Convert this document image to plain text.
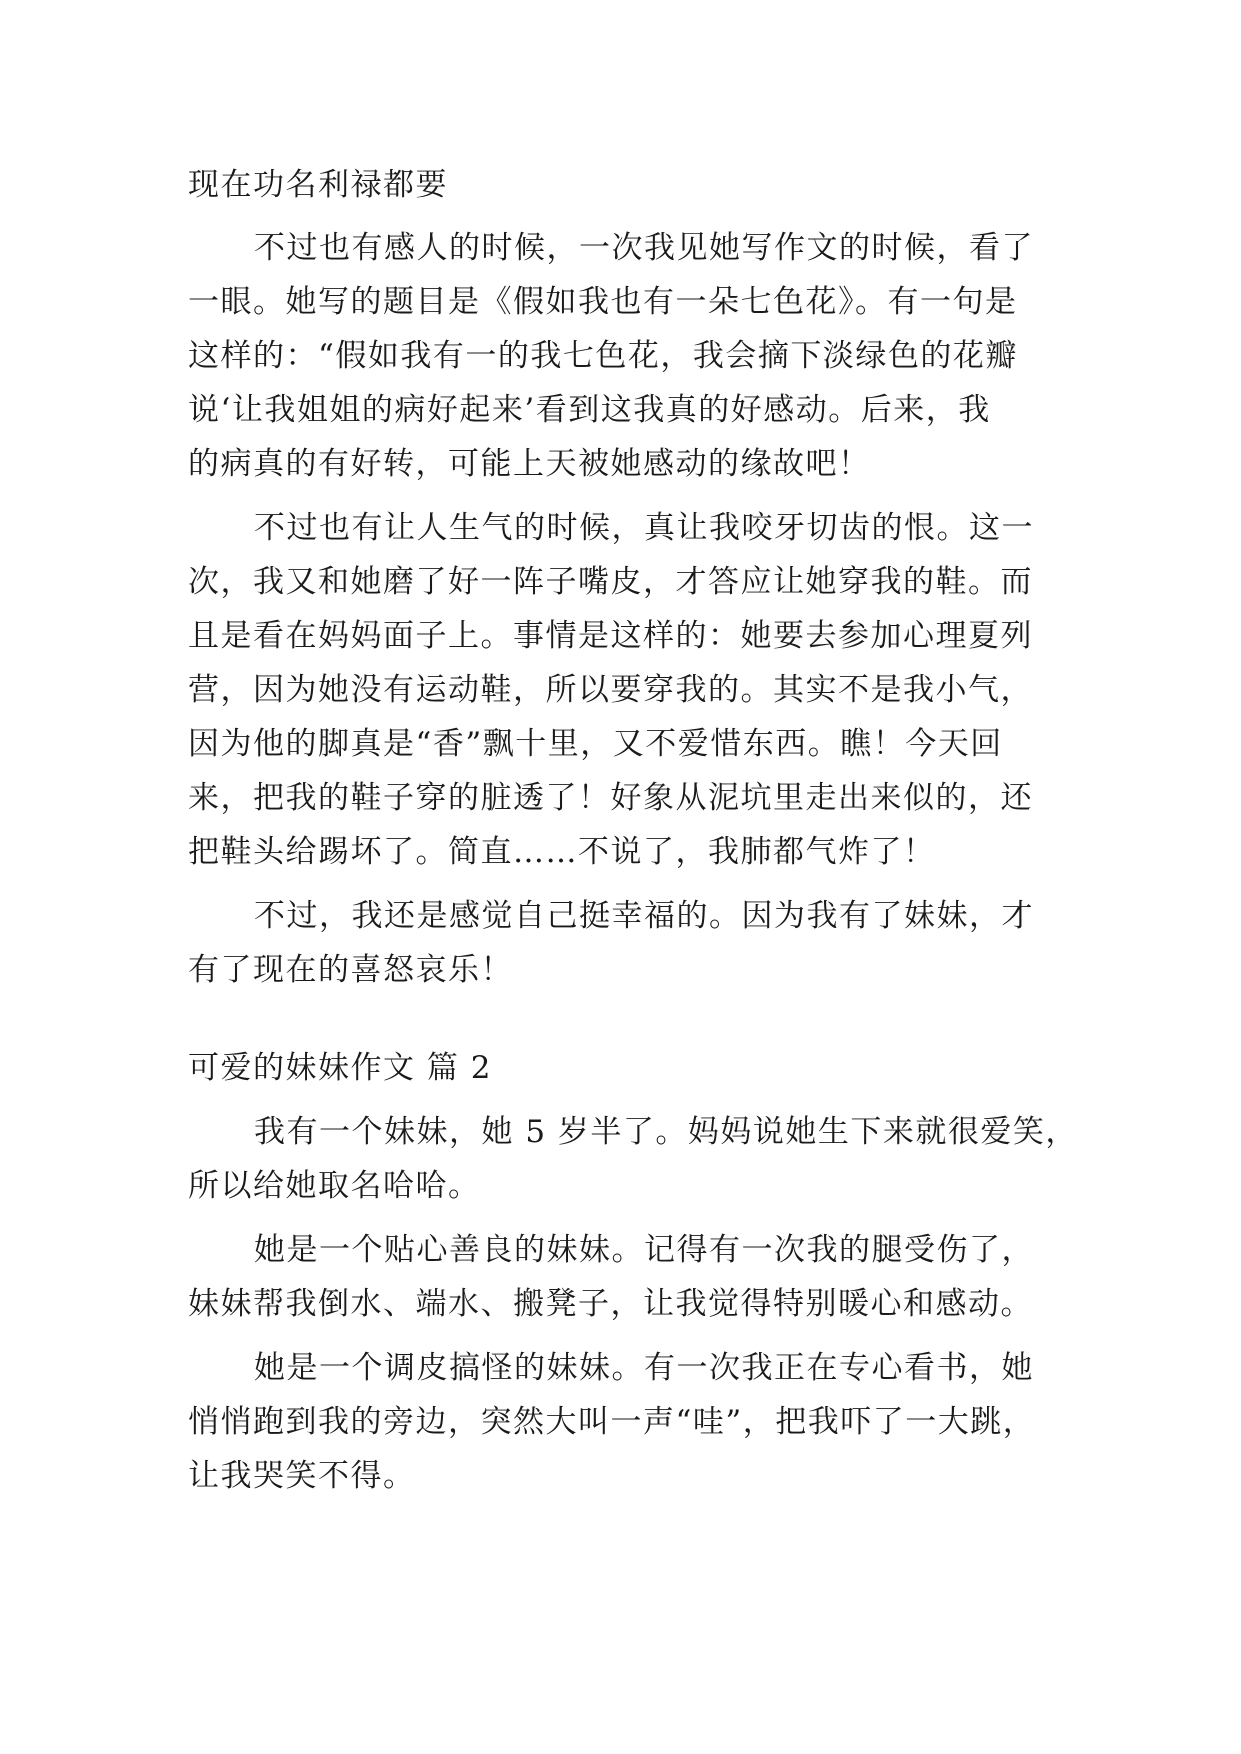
现在功名利禄都要
不过也有感人的时候，一次我见她写作文的时候，看了
一眼。她写的题目是《假如我也有一朵七色花》。有一句是
这样的：“假如我有一的我七色花，我会摘下淡绿色的花瓣
说‘让我姐姐的病好起来’看到这我真的好感动。后来，我
的病真的有好转，可能上天被她感动的缘故吧！
不过也有让人生气的时候，真让我咬牙切齿的恨。这一
次，我又和她磨了好一阵子嘴皮，才答应让她穿我的鞋。而
且是看在妈妈面子上。事情是这样的：她要去参加心理夏列
营，因为她没有运动鞋，所以要穿我的。其实不是我小气，
因为他的脚真是“香”飘十里，又不爱惜东西。瞧！今天回
来，把我的鞋子穿的脏透了！好象从泥坑里走出来似的，还
把鞋头给踢坏了。简直……不说了，我肺都气炸了！
不过，我还是感觉自己挺幸福的。因为我有了妹妹，才
有了现在的喜怒哀乐！
可爱的妹妹作文 篇 2
我有一个妹妹，她 5 岁半了。妈妈说她生下来就很爱笑，
所以给她取名哈哈。
她是一个贴心善良的妹妹。记得有一次我的腿受伤了，
妹妹帮我倒水、端水、搬凳子，让我觉得特别暖心和感动。
她是一个调皮搞怪的妹妹。有一次我正在专心看书，她
悄悄跑到我的旁边，突然大叫一声“哇”，把我吓了一大跳，
让我哭笑不得。
